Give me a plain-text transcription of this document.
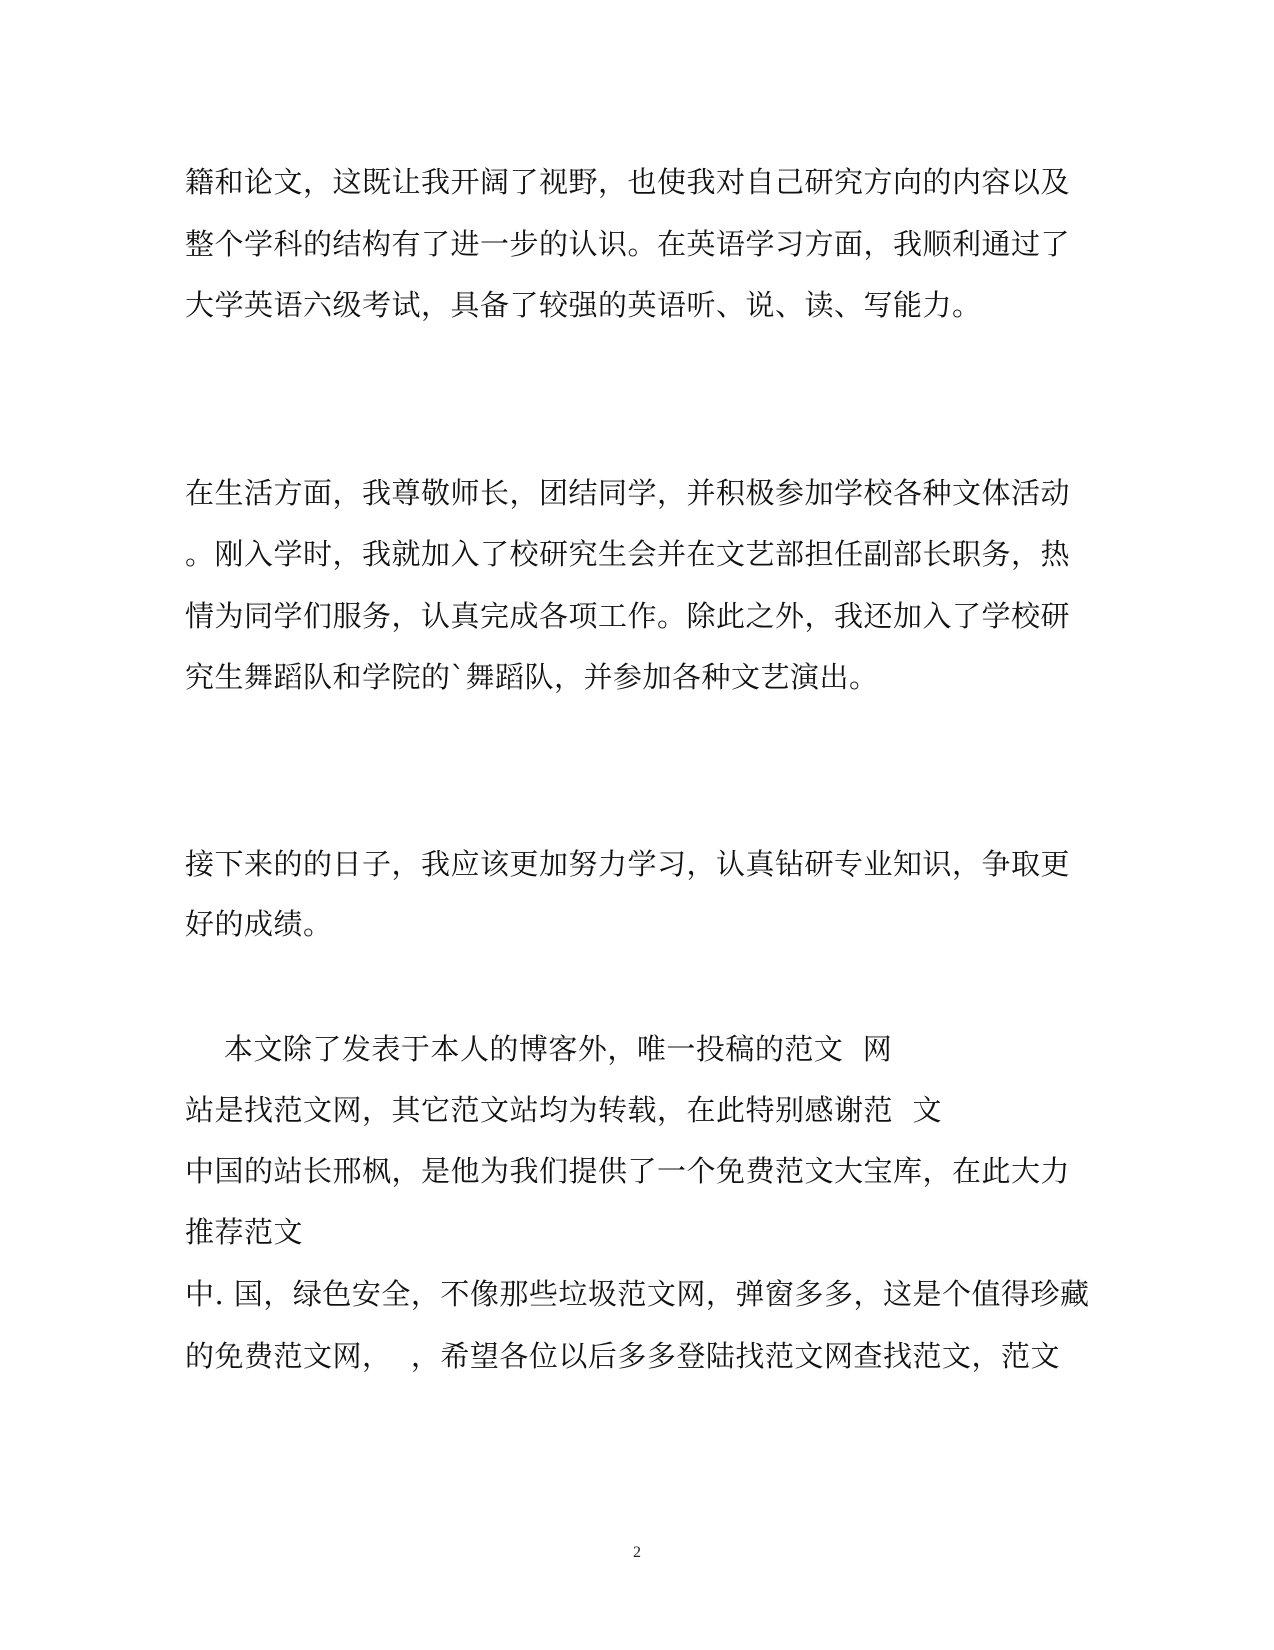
籍和论文，这既让我开阔了视野，也使我对自己研究方向的内容以及
整个学科的结构有了进一步的认识。在英语学习方面，我顺利通过了
大学英语六级考试，具备了较强的英语听、说、读、写能力。
在生活方面，我尊敬师长，团结同学，并积极参加学校各种文体活动
。刚入学时，我就加入了校研究生会并在文艺部担任副部长职务，热
情为同学们服务，认真完成各项工作。除此之外，我还加入了学校研
究生舞蹈队和学院的`舞蹈队，并参加各种文艺演出。
接下来的的日子，我应该更加努力学习，认真钻研专业知识，争取更
好的成绩。
本文除了发表于本人的博客外，唯一投稿的范文  网
站是找范文网，其它范文站均为转载，在此特别感谢范  文
中国的站长邢枫，是他为我们提供了一个免费范文大宝库，在此大力
推荐范文
中. 国，绿色安全，不像那些垃圾范文网，弹窗多多，这是个值得珍藏
的免费范文网，  ，希望各位以后多多登陆找范文网查找范文，范文
2
